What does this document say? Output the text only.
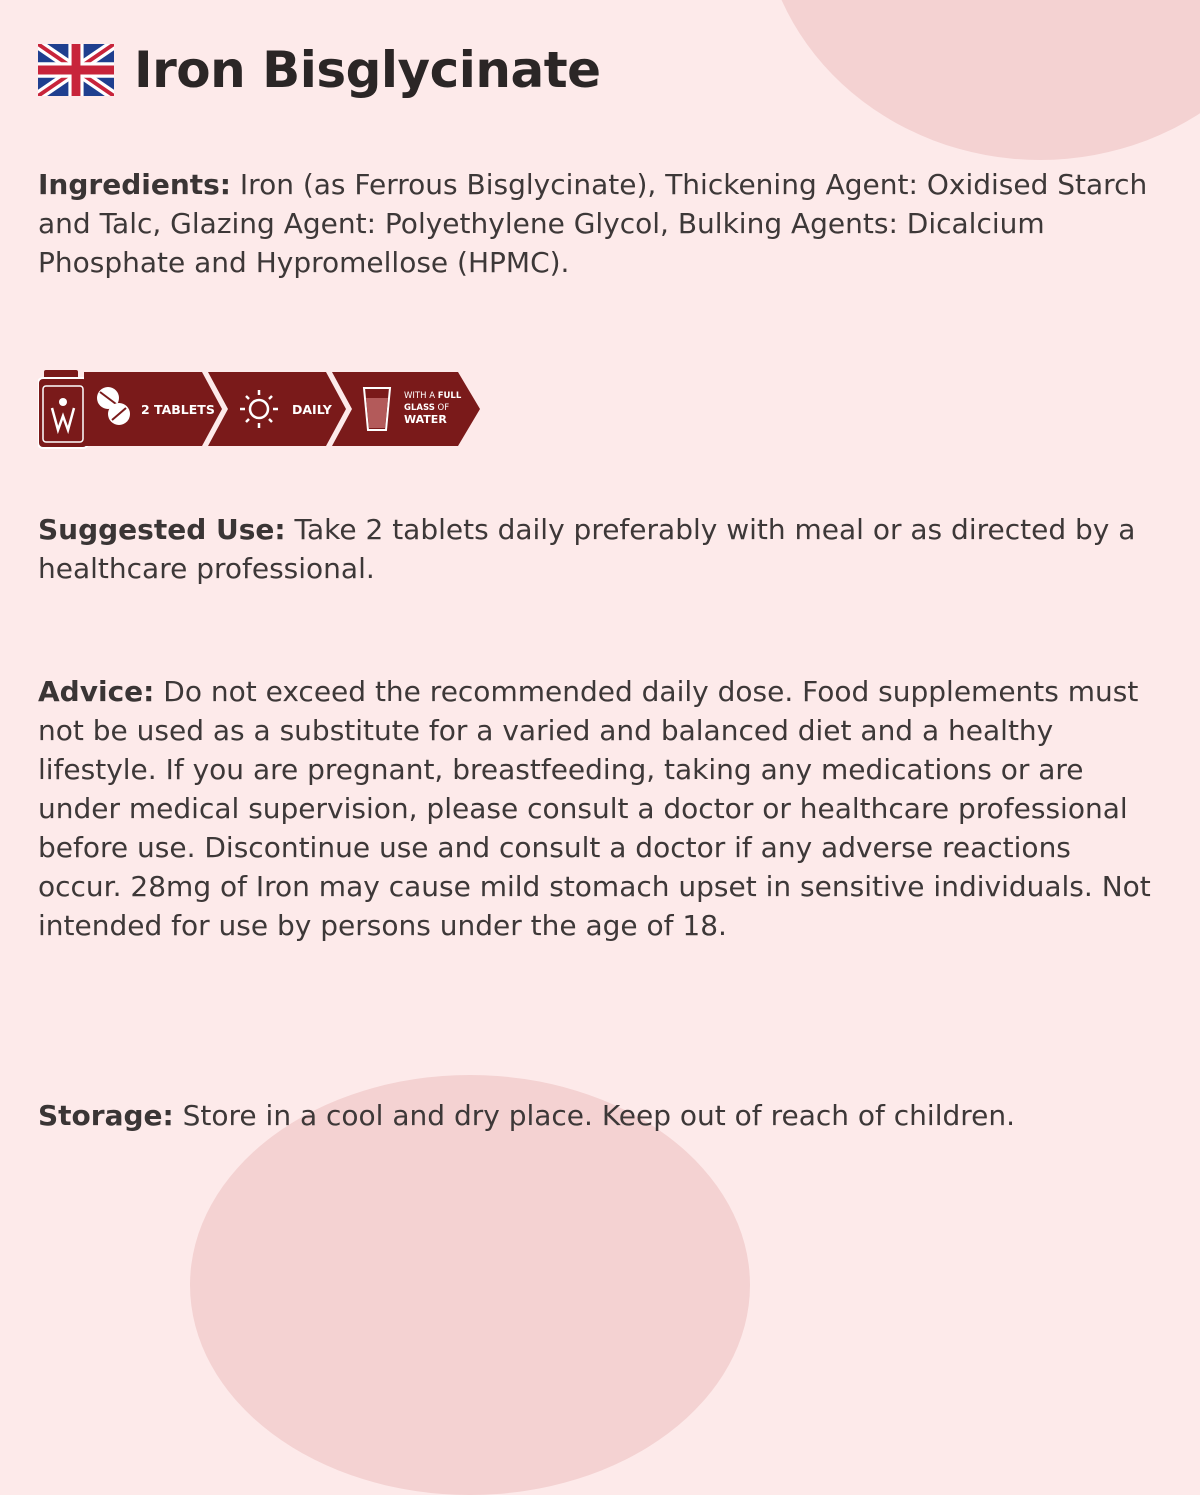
Iron Bisglycinate
Ingredients: Iron (as Ferrous Bisglycinate), Thickening Agent: Oxidised Starch and Talc, Glazing Agent: Polyethylene Glycol, Bulking Agents: Dicalcium Phosphate and Hypromellose (HPMC).
2 TABLETS	DAILY
WITH A FULL
GLASS OF
WATER
Suggested Use: Take 2 tablets daily preferably with meal or as directed by a healthcare professional.
Advice: Do not exceed the recommended daily dose. Food supplements must not be used as a substitute for a varied and balanced diet and a healthy lifestyle. If you are pregnant, breastfeeding, taking any medications or are under medical supervision, please consult a doctor or healthcare professional before use. Discontinue use and consult a doctor if any adverse reactions occur. 28mg of Iron may cause mild stomach upset in sensitive individuals. Not intended for use by persons under the age of 18.
Storage: Store in a cool and dry place. Keep out of reach of children.
